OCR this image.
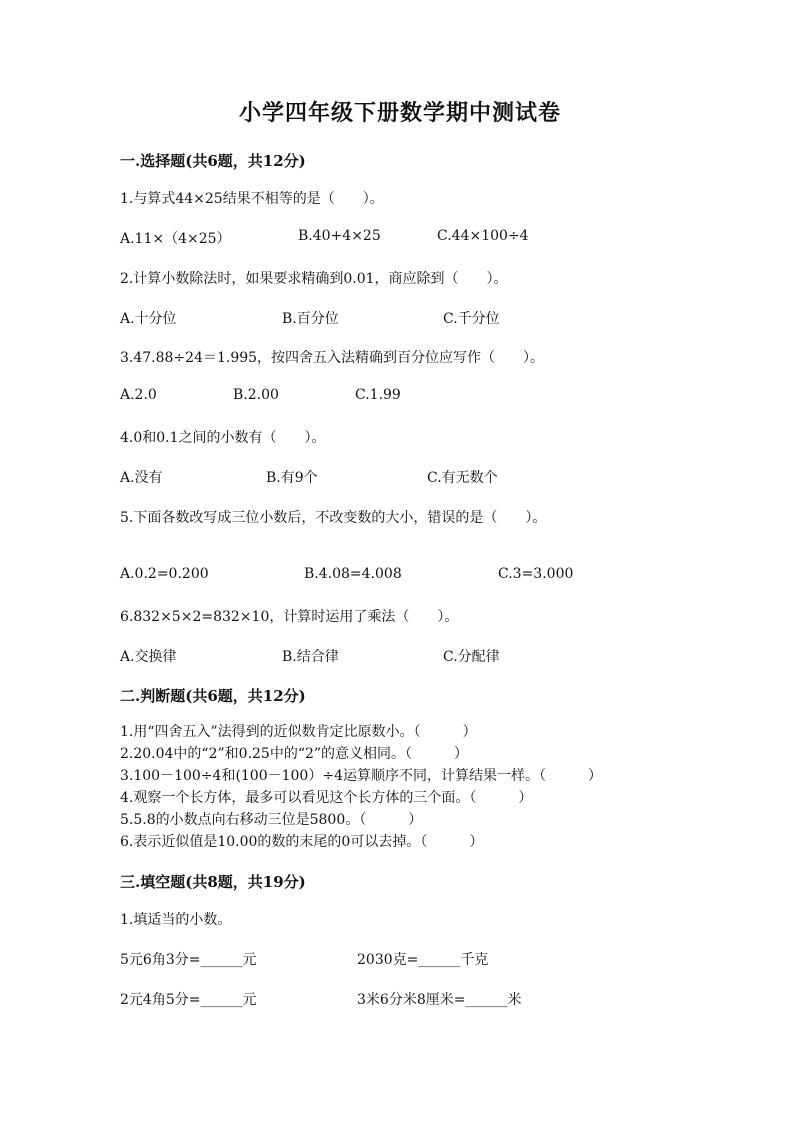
小学四年级下册数学期中测试卷
一.选择题(共6题，共12分)
1.与算式44×25结果不相等的是（　　）。
A.11×（4×25）	B.40+4×25	C.44×100÷4
2.计算小数除法时，如果要求精确到0.01，商应除到（　　）。
A.十分位	B.百分位	C.千分位
3.47.88÷24＝1.995，按四舍五入法精确到百分位应写作（　　）。
A.2.0	B.2.00	C.1.99
4.0和0.1之间的小数有（　　）。
A.没有	B.有9个	C.有无数个
5.下面各数改写成三位小数后，不改变数的大小，错误的是（　　）。
A.0.2=0.200	B.4.08=4.008	C.3=3.000
6.832×5×2=832×10，计算时运用了乘法（　　）。
A.交换律	B.结合律	C.分配律
二.判断题(共6题，共12分)
1.用“四舍五入”法得到的近似数肯定比原数小。（　　　）
2.20.04中的“2”和0.25中的“2”的意义相同。（　　　）
3.100－100÷4和(100－100）÷4运算顺序不同，计算结果一样。（　　　）
4.观察一个长方体，最多可以看见这个长方体的三个面。（　　　）
5.5.8的小数点向右移动三位是5800。（　　　）
6.表示近似值是10.00的数的末尾的0可以去掉。（　　　）
三.填空题(共8题，共19分)
1.填适当的小数。
5元6角3分=______元	2030克=______千克
2元4角5分=______元	3米6分米8厘米=______米
